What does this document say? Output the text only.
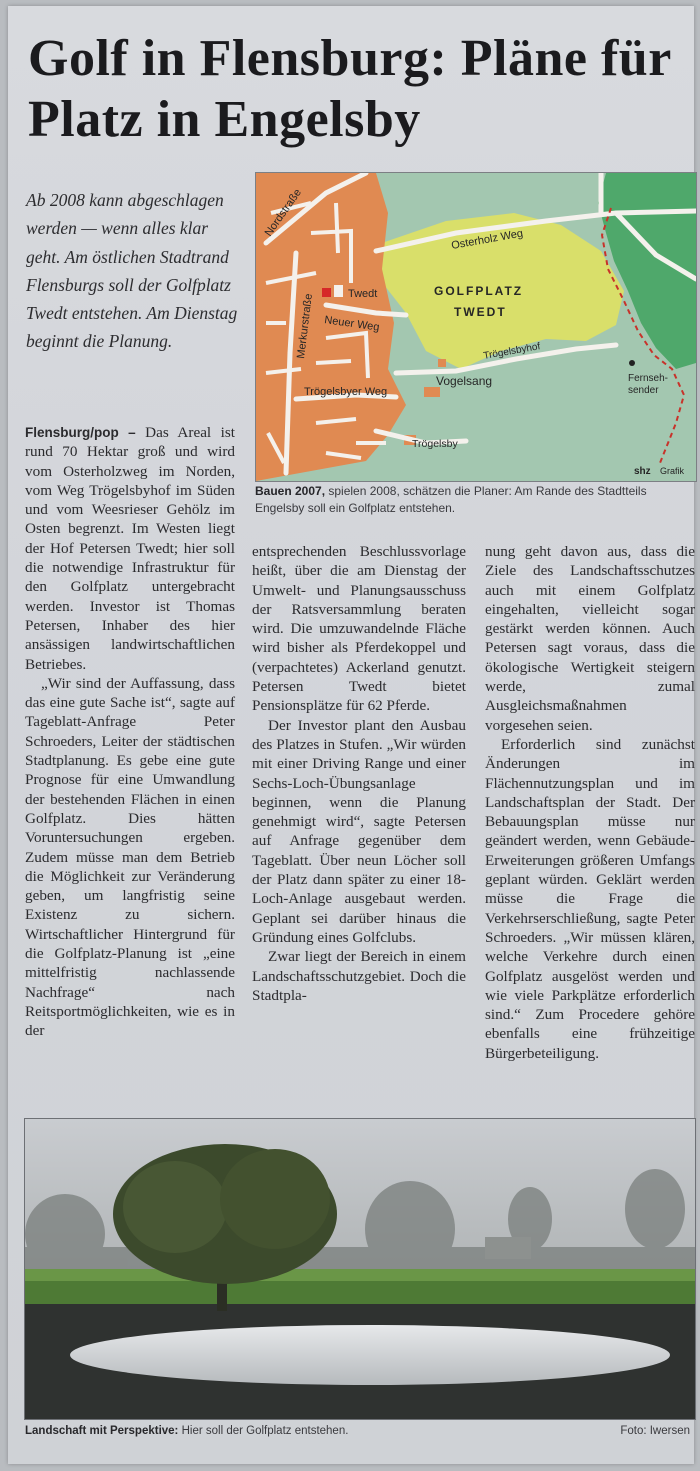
Golf in Flensburg: Pläne für Platz in Engelsby

Ab 2008 kann abgeschlagen werden — wenn alles klar geht. Am östlichen Stadtrand Flensburgs soll der Golfplatz Twedt entstehen. Am Dienstag beginnt die Planung.

Nordstraße
Osterholz Weg
Twedt
Merkurstraße Neuer Weg
Trögelsbyhof
Vogelsang	Fernseh-
sender
Trögelsbyer Weg
Trögelsby
GOLFPLATZ
TWEDT
shz Grafik

Bauen 2007, spielen 2008, schätzen die Planer: Am Rande des Stadtteils Engelsby soll ein Golfplatz entstehen.

Flensburg/pop – Das Areal ist rund 70 Hektar groß und wird vom Osterholzweg im Norden, vom Weg Trögelsbyhof im Süden und vom Weesrieser Gehölz im Osten begrenzt. Im Westen liegt der Hof Petersen Twedt; hier soll die notwendige Infrastruktur für den Golfplatz untergebracht werden. Investor ist Thomas Petersen, Inhaber des hier ansässigen landwirtschaftlichen Betriebes.

„Wir sind der Auffassung, dass das eine gute Sache ist“, sagte auf Tageblatt-Anfrage Peter Schroeders, Leiter der städtischen Stadtplanung. Es gebe eine gute Prognose für eine Umwandlung der bestehenden Flächen in einen Golfplatz. Dies hätten Voruntersuchungen ergeben. Zudem müsse man dem Betrieb die Möglichkeit zur Veränderung geben, um langfristig seine Existenz zu sichern. Wirtschaftlicher Hintergrund für die Golfplatz-Planung ist „eine mittelfristig nachlassende Nachfrage“ nach Reitsportmöglichkeiten, wie es in der

entsprechenden Beschlussvorlage heißt, über die am Dienstag der Umwelt- und Planungsausschuss der Ratsversammlung beraten wird. Die umzuwandelnde Fläche wird bisher als Pferdekoppel und (verpachtetes) Ackerland genutzt. Petersen Twedt bietet Pensionsplätze für 62 Pferde.

Der Investor plant den Ausbau des Platzes in Stufen. „Wir würden mit einer Driving Range und einer Sechs-Loch-Übungsanlage beginnen, wenn die Planung genehmigt wird“, sagte Petersen auf Anfrage gegenüber dem Tageblatt. Über neun Löcher soll der Platz dann später zu einer 18-Loch-Anlage ausgebaut werden. Geplant sei darüber hinaus die Gründung eines Golfclubs.

Zwar liegt der Bereich in einem Landschaftsschutzgebiet. Doch die Stadtpla-

nung geht davon aus, dass die Ziele des Landschaftsschutzes auch mit einem Golfplatz eingehalten, vielleicht sogar gestärkt werden können. Auch Petersen sagt voraus, dass die ökologische Wertigkeit steigern werde, zumal Ausgleichsmaßnahmen vorgesehen seien.

Erforderlich sind zunächst Änderungen im Flächennutzungsplan und im Landschaftsplan der Stadt. Der Bebauungsplan müsse nur geändert werden, wenn Gebäude-Erweiterungen größeren Umfangs geplant würden. Geklärt werden müsse die Frage die Verkehrserschließung, sagte Peter Schroeders. „Wir müssen klären, welche Verkehre durch einen Golfplatz ausgelöst werden und wie viele Parkplätze erforderlich sind.“ Zum Procedere gehöre ebenfalls eine frühzeitige Bürgerbeteiligung.

Landschaft mit Perspektive: Hier soll der Golfplatz entstehen.	Foto: Iwersen
